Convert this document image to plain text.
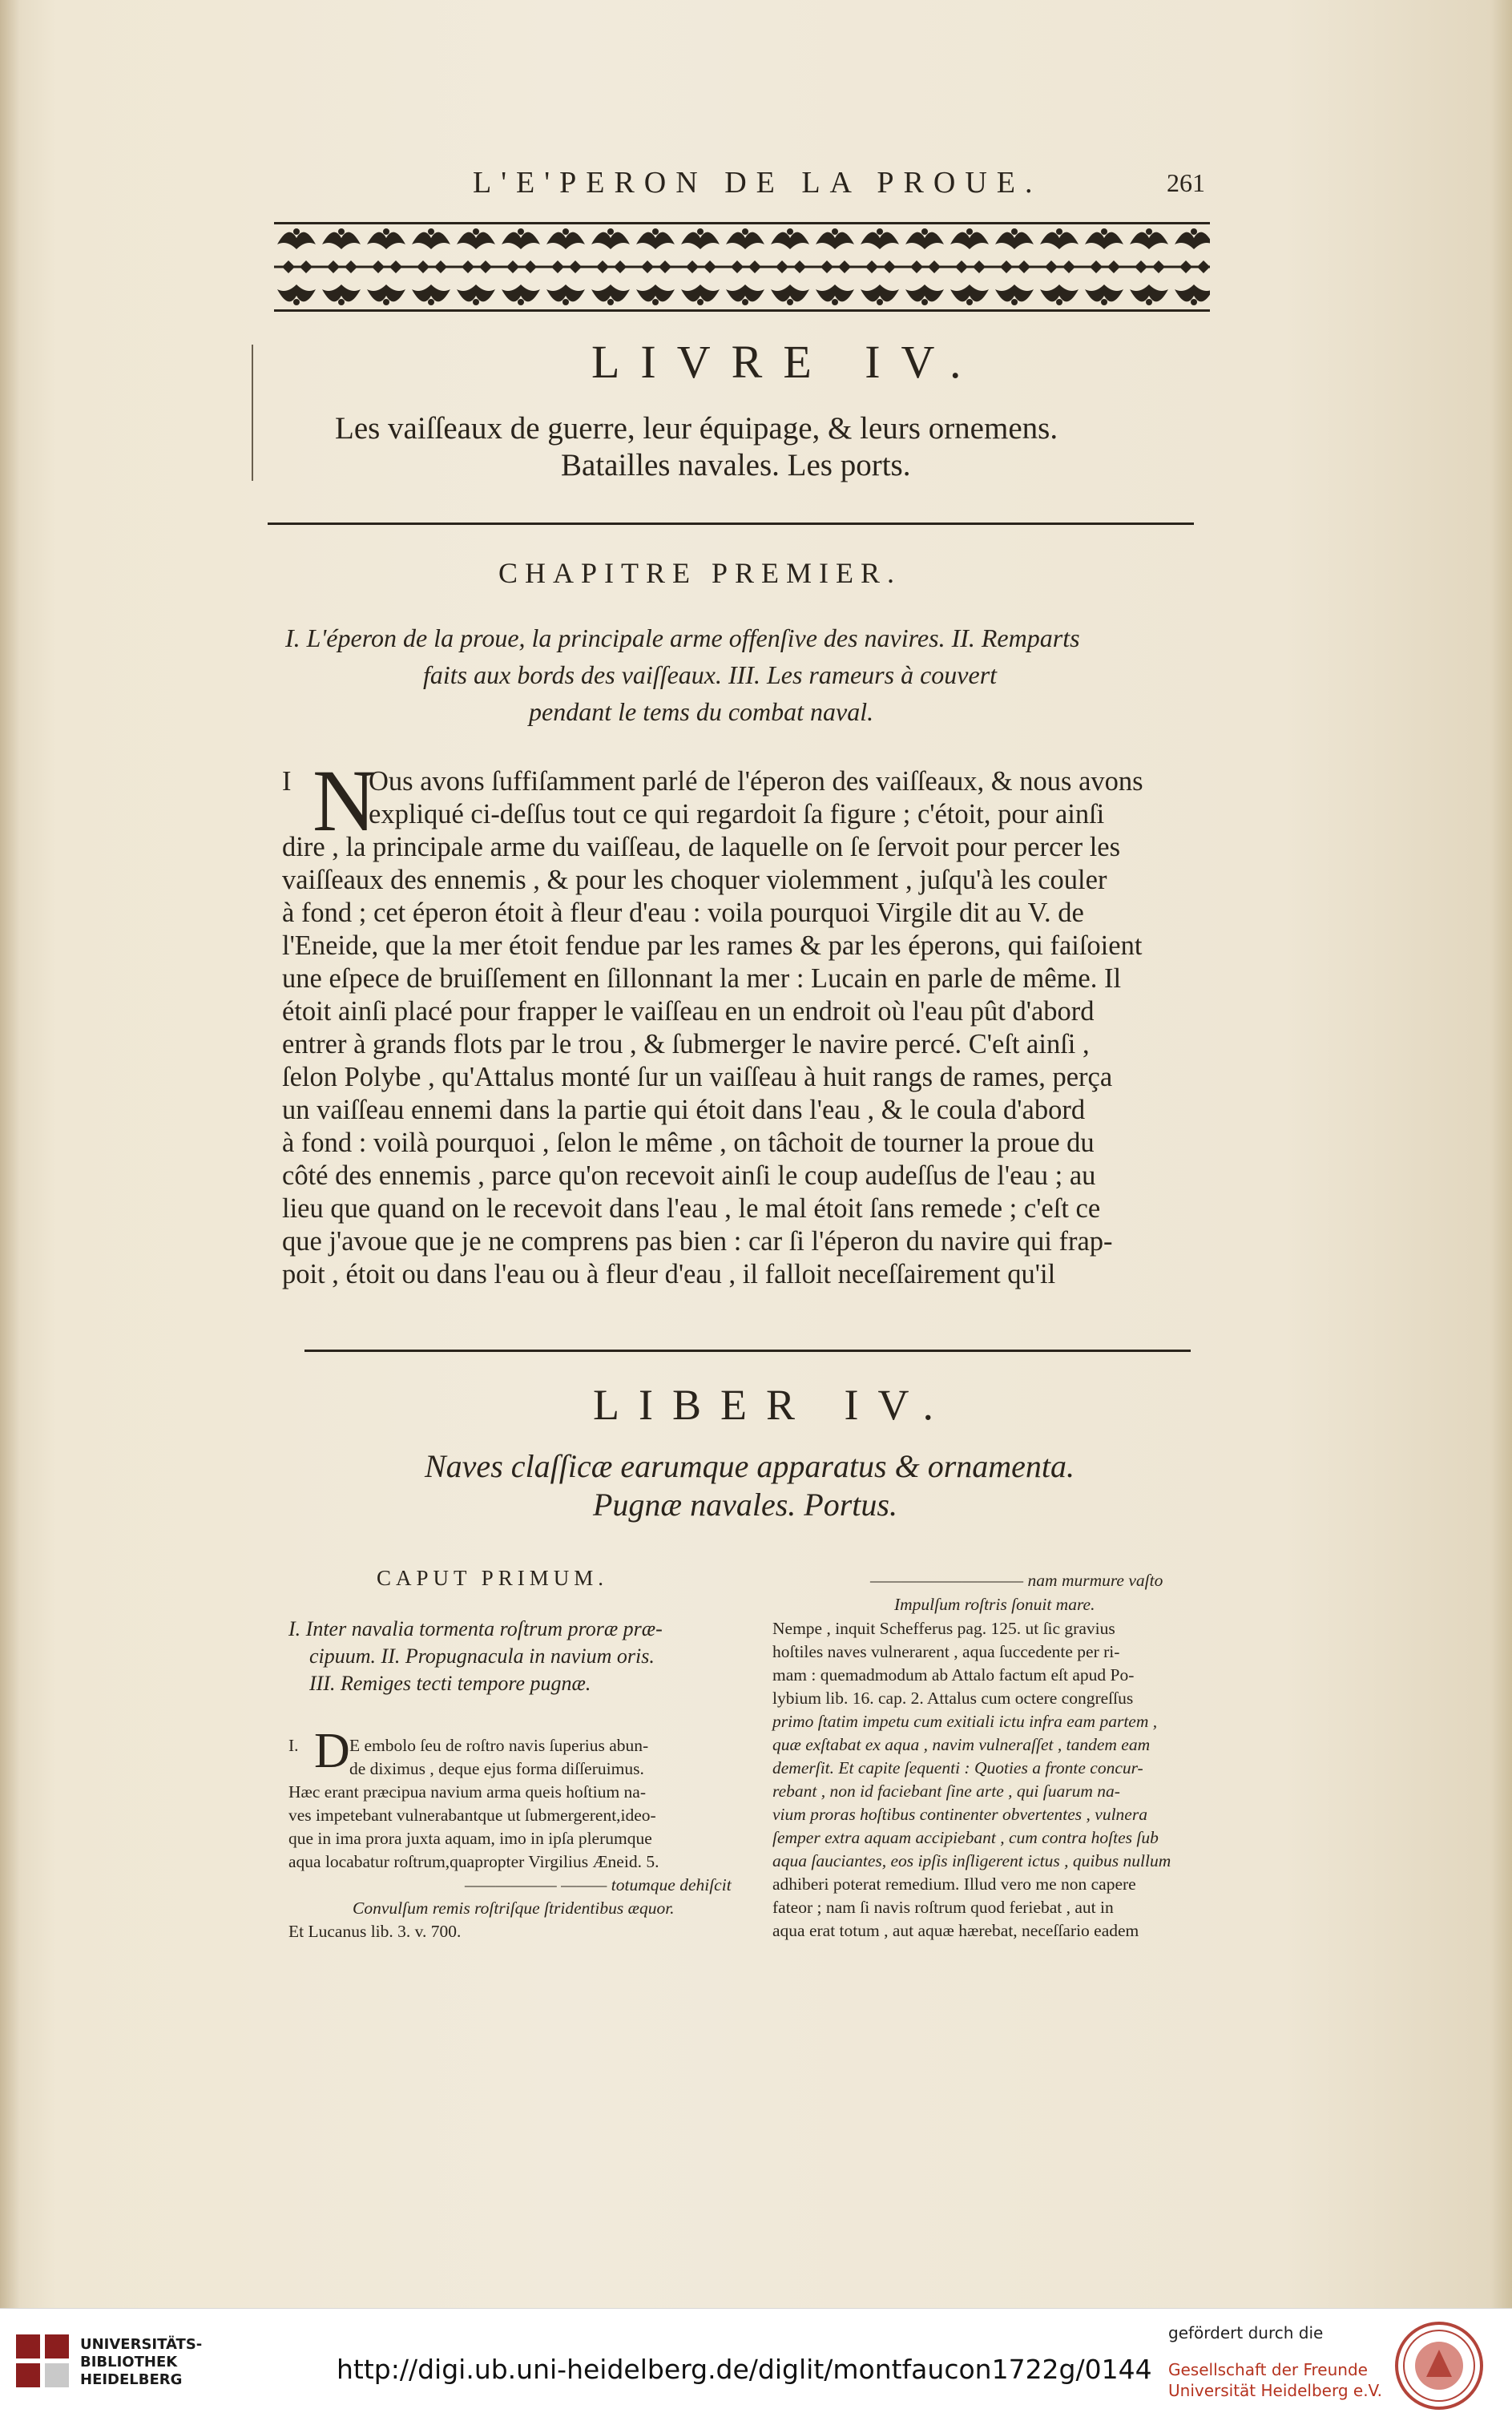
L'E'PERON DE LA PROUE.	261
LIVRE IV.
Les vaiſſeaux de guerre, leur équipage, & leurs ornemens.
Batailles navales. Les ports.
CHAPITRE PREMIER.
I. L'éperon de la proue, la principale arme offenſive des navires. II. Remparts
faits aux bords des vaiſſeaux. III. Les rameurs à couvert
pendant le tems du combat naval.
I N
Ous avons ſuffiſamment parlé de l'éperon des vaiſſeaux, & nous avons
expliqué ci-deſſus tout ce qui regardoit ſa figure ; c'étoit, pour ainſi
dire , la principale arme du vaiſſeau, de laquelle on ſe ſervoit pour percer les
vaiſſeaux des ennemis , & pour les choquer violemment , juſqu'à les couler
à fond ; cet éperon étoit à fleur d'eau : voila pourquoi Virgile dit au V. de
l'Eneide, que la mer étoit fendue par les rames & par les éperons, qui faiſoient
une eſpece de bruiſſement en ſillonnant la mer : Lucain en parle de même. Il
étoit ainſi placé pour frapper le vaiſſeau en un endroit où l'eau pût d'abord
entrer à grands flots par le trou , & ſubmerger le navire percé. C'eſt ainſi ,
ſelon Polybe , qu'Attalus monté ſur un vaiſſeau à huit rangs de rames, perça
un vaiſſeau ennemi dans la partie qui étoit dans l'eau , & le coula d'abord
à fond : voilà pourquoi , ſelon le même , on tâchoit de tourner la proue du
côté des ennemis , parce qu'on recevoit ainſi le coup audeſſus de l'eau ; au
lieu que quand on le recevoit dans l'eau , le mal étoit ſans remede ; c'eſt ce
que j'avoue que je ne comprens pas bien : car ſi l'éperon du navire qui frap-
poit , étoit ou dans l'eau ou à fleur d'eau , il falloit neceſſairement qu'il
LIBER IV.
Naves claſſicæ earumque apparatus & ornamenta.
Pugnæ navales. Portus.
CAPUT PRIMUM.
I. Inter navalia tormenta roſtrum proræ præ-
cipuum. II. Propugnacula in navium oris.
III. Remiges tecti tempore pugnæ.
I. D E embolo ſeu de roſtro navis ſuperius abun-
de diximus , deque ejus forma diſſeruimus.
Hæc erant præcipua navium arma queis hoſtium na-
ves impetebant vulnerabantque ut ſubmergerent,ideo-
que in ima prora juxta aquam, imo in ipſa plerumque
aqua locabatur roſtrum,quapropter Virgilius Æneid. 5.
—————— ——— totumque dehiſcit
Convulſum remis roſtriſque ſtridentibus æquor.
Et Lucanus lib. 3. v. 700.
—————————— nam murmure vaſto
Impulſum roſtris ſonuit mare.
Nempe , inquit Schefferus pag. 125. ut ſic gravius
hoſtiles naves vulnerarent , aqua ſuccedente per ri-
mam : quemadmodum ab Attalo factum eſt apud Po-
lybium lib. 16. cap. 2. Attalus cum octere congreſſus
primo ſtatim impetu cum exitiali ictu infra eam partem ,
quæ exſtabat ex aqua , navim vulneraſſet , tandem eam
demerſit. Et capite ſequenti : Quoties a fronte concur-
rebant , non id faciebant ſine arte , qui ſuarum na-
vium proras hoſtibus continenter obvertentes , vulnera
ſemper extra aquam accipiebant , cum contra hoſtes ſub
aqua ſauciantes, eos ipſis inſligerent ictus , quibus nullum
adhiberi poterat remedium. Illud vero me non capere
fateor ; nam ſi navis roſtrum quod feriebat , aut in
aqua erat totum , aut aquæ hærebat, neceſſario eadem
UNIVERSITÄTS-
BIBLIOTHEK
HEIDELBERG	http://digi.ub.uni-heidelberg.de/diglit/montfaucon1722g/0144
gefördert durch die
Gesellschaft der Freunde
Universität Heidelberg e.V.
